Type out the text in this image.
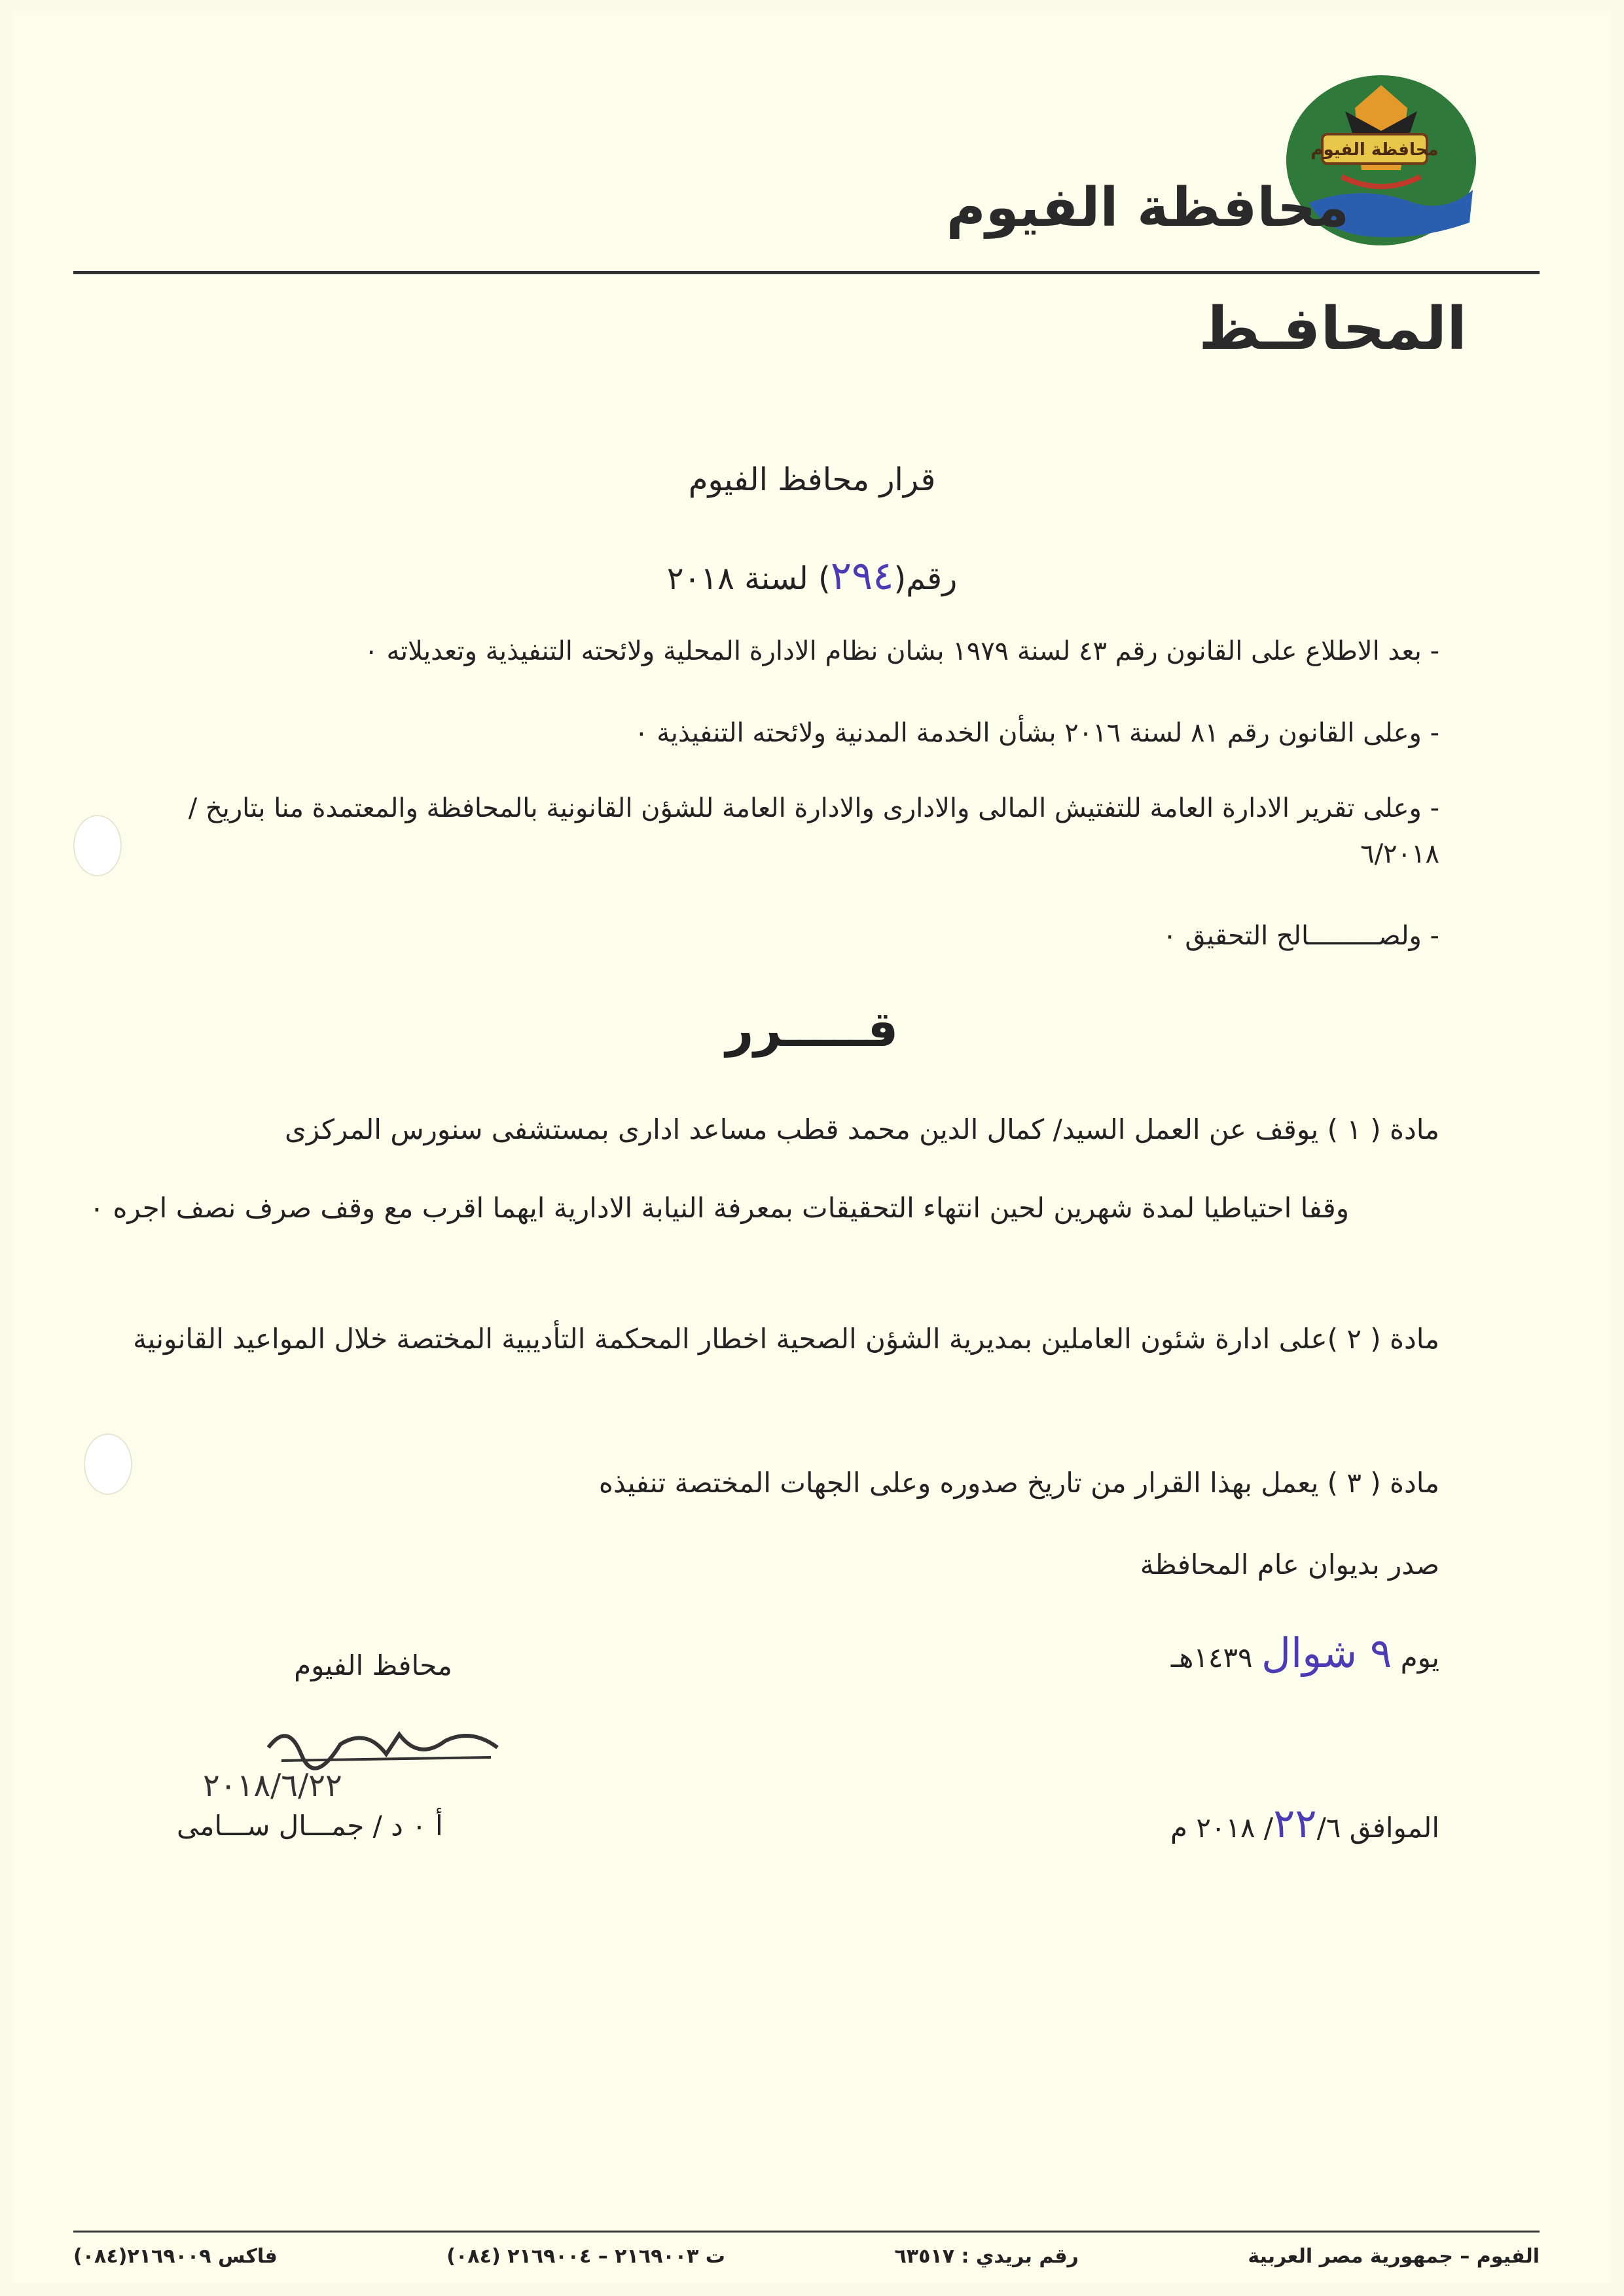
محافظة الفيوم
محافظة الفيوم
المحافـظ
قرار محافظ الفيوم
رقم(٢٩٤) لسنة ٢٠١٨
- بعد الاطلاع على القانون رقم ٤٣ لسنة ١٩٧٩ بشان نظام الادارة المحلية ولائحته التنفيذية وتعديلاته ٠
- وعلى القانون رقم ٨١ لسنة ٢٠١٦ بشأن الخدمة المدنية ولائحته التنفيذية ٠
- وعلى تقرير الادارة العامة للتفتيش المالى والادارى والادارة العامة للشؤن القانونية بالمحافظة والمعتمدة منا بتاريخ /٦/٢٠١٨
- ولصـــــــــالح التحقيق ٠
قـــــرر
مادة ( ١ ) يوقف عن العمل السيد/ كمال الدين محمد قطب مساعد ادارى بمستشفى سنورس المركزى
وقفا احتياطيا لمدة شهرين لحين انتهاء التحقيقات بمعرفة النيابة الادارية ايهما اقرب مع وقف صرف نصف اجره ٠
مادة ( ٢ )على ادارة شئون العاملين بمديرية الشؤن الصحية اخطار المحكمة التأديبية المختصة خلال المواعيد القانونية
مادة ( ٣ ) يعمل بهذا القرار من تاريخ صدوره وعلى الجهات المختصة تنفيذه
صدر بديوان عام المحافظة
يوم ٩ شوال ١٤٣٩هـ
الموافق ٢٢/٦/ ٢٠١٨ م
محافظ الفيوم
٢٠١٨/٦/٢٢
أ ٠ د / جمـــال ســـامى
الفيوم – جمهورية مصر العربية
رقم بريدي : ٦٣٥١٧
ت ٢١٦٩٠٠٣ – ٢١٦٩٠٠٤ (٠٨٤)
فاكس ٢١٦٩٠٠٩(٠٨٤)
